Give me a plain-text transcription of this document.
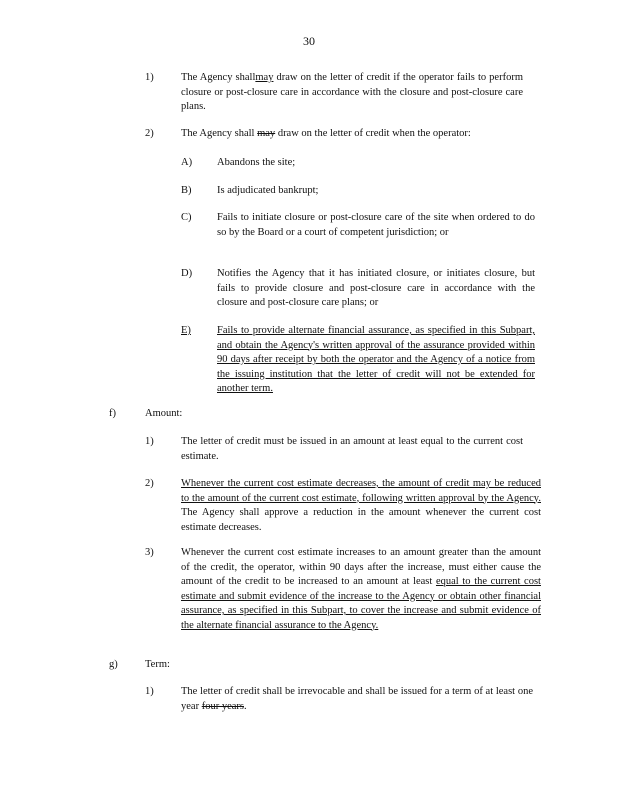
30
1)	The Agency shallmay draw on the letter of credit if the operator fails to perform closure or post-closure care in accordance with the closure and post-closure care plans.
2)	The Agency shall may draw on the letter of credit when the operator:
A) Abandons the site;
B) Is adjudicated bankrupt;
C) Fails to initiate closure or post-closure care of the site when ordered to do so by the Board or a court of competent jurisdiction; or
D) Notifies the Agency that it has initiated closure, or initiates closure, but fails to provide closure and post-closure care in accordance with the closure and post-closure care plans; or
E) Fails to provide alternate financial assurance, as specified in this Subpart, and obtain the Agency's written approval of the assurance provided within 90 days after receipt by both the operator and the Agency of a notice from the issuing institution that the letter of credit will not be extended for another term.
f)	Amount:
1)	The letter of credit must be issued in an amount at least equal to the current cost estimate.
2)	Whenever the current cost estimate decreases, the amount of credit may be reduced to the amount of the current cost estimate, following written approval by the Agency. The Agency shall approve a reduction in the amount whenever the current cost estimate decreases.
3)	Whenever the current cost estimate increases to an amount greater than the amount of the credit, the operator, within 90 days after the increase, must either cause the amount of the credit to be increased to an amount at least equal to the current cost estimate and submit evidence of the increase to the Agency or obtain other financial assurance, as specified in this Subpart, to cover the increase and submit evidence of the alternate financial assurance to the Agency.
g)	Term:
1)	The letter of credit shall be irrevocable and shall be issued for a term of at least one year four years.
